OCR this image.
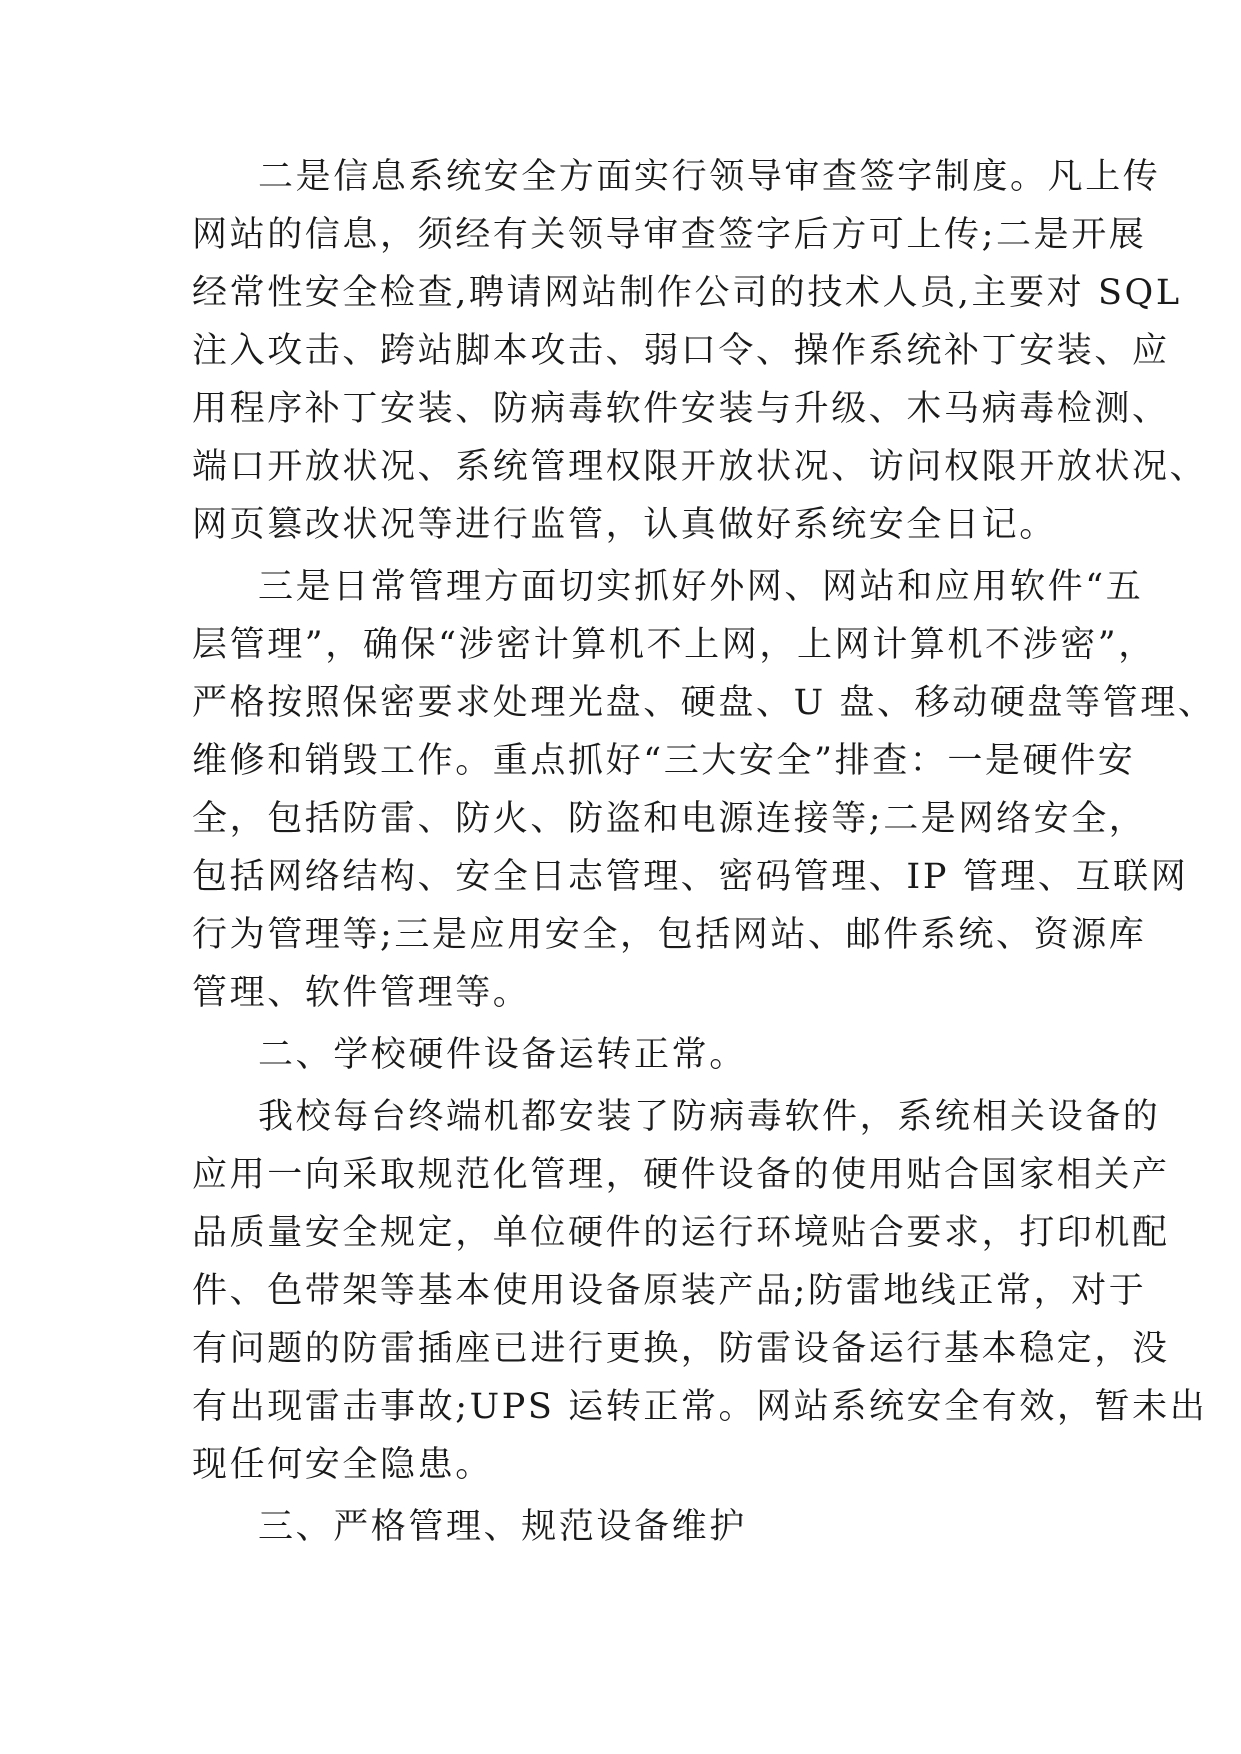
二是信息系统安全方面实行领导审查签字制度。凡上传
网站的信息，须经有关领导审查签字后方可上传;二是开展
经常性安全检查,聘请网站制作公司的技术人员,主要对 SQL
注入攻击、跨站脚本攻击、弱口令、操作系统补丁安装、应
用程序补丁安装、防病毒软件安装与升级、木马病毒检测、
端口开放状况、系统管理权限开放状况、访问权限开放状况、
网页篡改状况等进行监管，认真做好系统安全日记。
三是日常管理方面切实抓好外网、网站和应用软件“五
层管理”，确保“涉密计算机不上网，上网计算机不涉密”，
严格按照保密要求处理光盘、硬盘、U 盘、移动硬盘等管理、
维修和销毁工作。重点抓好“三大安全”排查：一是硬件安
全，包括防雷、防火、防盗和电源连接等;二是网络安全，
包括网络结构、安全日志管理、密码管理、IP 管理、互联网
行为管理等;三是应用安全，包括网站、邮件系统、资源库
管理、软件管理等。
二、学校硬件设备运转正常。
我校每台终端机都安装了防病毒软件，系统相关设备的
应用一向采取规范化管理，硬件设备的使用贴合国家相关产
品质量安全规定，单位硬件的运行环境贴合要求，打印机配
件、色带架等基本使用设备原装产品;防雷地线正常，对于
有问题的防雷插座已进行更换，防雷设备运行基本稳定，没
有出现雷击事故;UPS 运转正常。网站系统安全有效，暂未出
现任何安全隐患。
三、严格管理、规范设备维护
